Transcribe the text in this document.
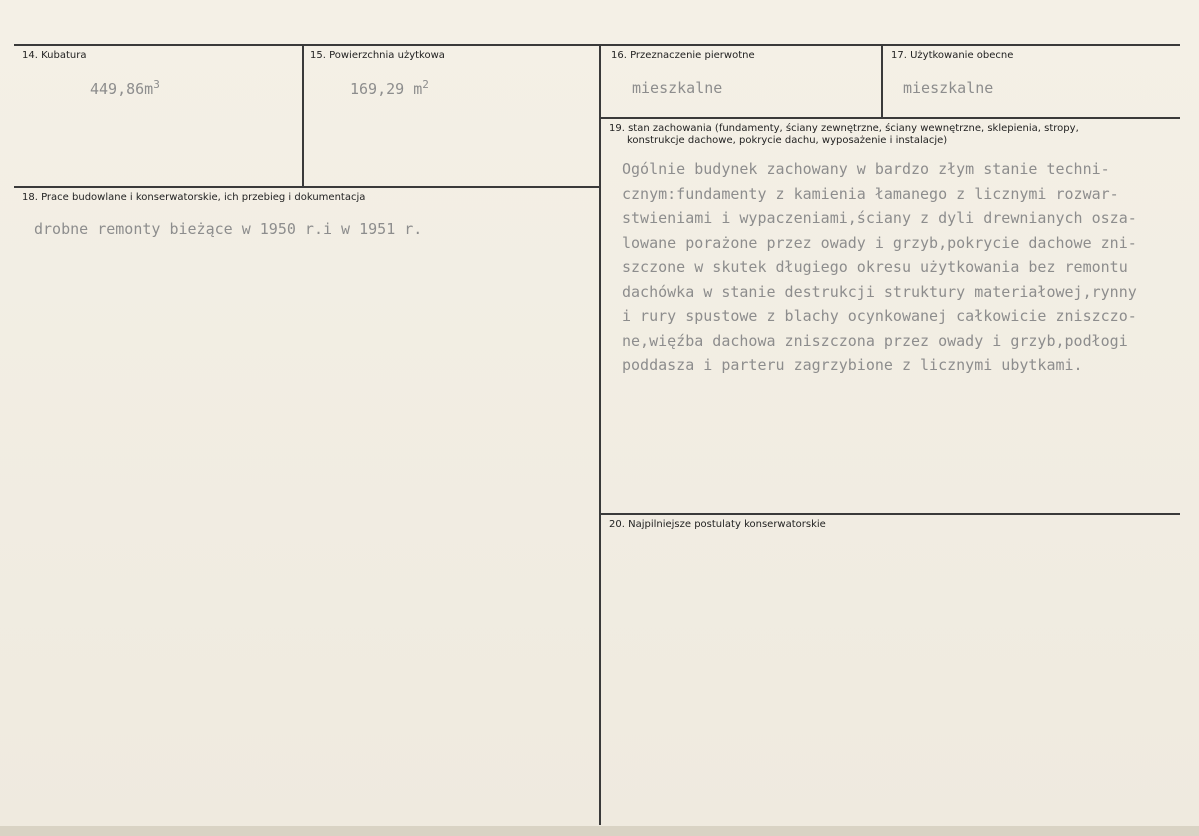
14. Kubatura
$449,86m^3$
15. Powierzchnia użytkowa
169,29 $m^2$
16. Przeznaczenie pierwotne
mieszkalne
17. Użytkowanie obecne
mieszkalne
18. Prace budowlane i konserwatorskie, ich przebieg i dokumentacja
drobne remonty bieżące w 1950 r.i w 1951 r.
19. stan zachowania (fundamenty, ściany zewnętrzne, ściany wewnętrzne, sklepienia, stropy,
konstrukcje dachowe, pokrycie dachu, wyposażenie i instalacje)
Ogólnie budynek zachowany w bardzo złym stanie techni-
cznym:fundamenty z kamienia łamanego z licznymi rozwar-
stwieniami i wypaczeniami,ściany z dyli drewnianych osza-
lowane porażone przez owady i grzyb,pokrycie dachowe zni-
szczone w skutek długiego okresu użytkowania bez remontu
dachówka w stanie destrukcji struktury materiałowej,rynny
i rury spustowe z blachy ocynkowanej całkowicie zniszczo-
ne,więźba dachowa zniszczona przez owady i grzyb,podłogi
poddasza i parteru zagrzybione z licznymi ubytkami.
20. Najpilniejsze postulaty konserwatorskie
